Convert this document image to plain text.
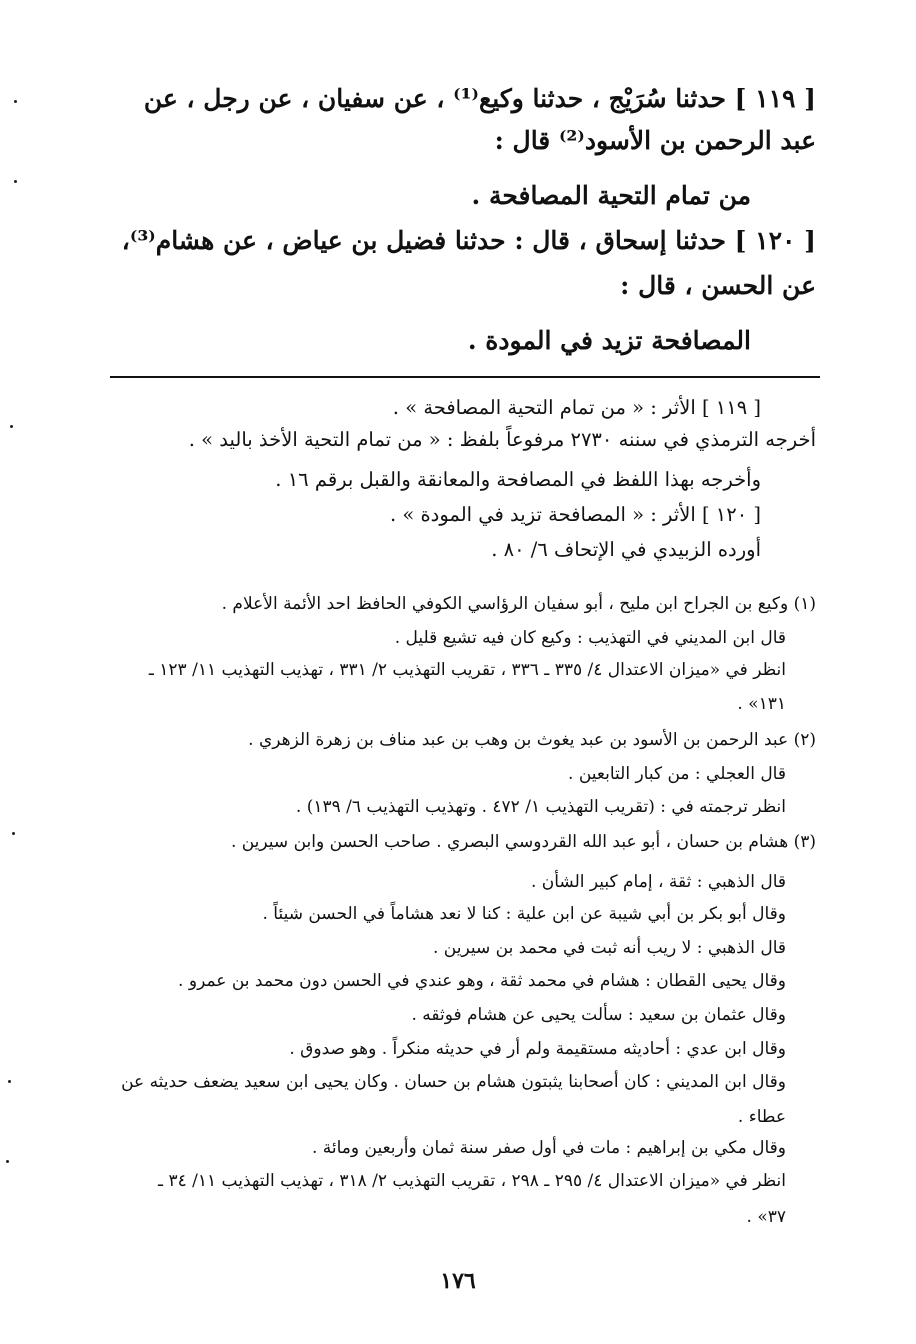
[ ١١٩ ] حدثنا سُرَيْج ، حدثنا وكيع⁽¹⁾ ، عن سفيان ، عن رجل ، عن
عبد الرحمن بن الأسود⁽²⁾ قال :
من تمام التحية المصافحة .
[ ١٢٠ ] حدثنا إسحاق ، قال : حدثنا فضيل بن عياض ، عن هشام⁽³⁾،
عن الحسن ، قال :
المصافحة تزيد في المودة .
[ ١١٩ ] الأثر : « من تمام التحية المصافحة » .
أخرجه الترمذي في سننه ٢٧٣٠ مرفوعاً بلفظ : « من تمام التحية الأخذ باليد » .
وأخرجه بهذا اللفظ في المصافحة والمعانقة والقبل برقم ١٦ .
[ ١٢٠ ] الأثر : « المصافحة تزيد في المودة » .
أورده الزبيدي في الإتحاف ٦/ ٨٠ .
(١) وكيع بن الجراح ابن مليح ، أبو سفيان الرؤاسي الكوفي الحافظ احد الأئمة الأعلام .
قال ابن المديني في التهذيب : وكيع كان فيه تشيع قليل .
انظر في «ميزان الاعتدال ٤/ ٣٣٥ ـ ٣٣٦ ، تقريب التهذيب ٢/ ٣٣١ ، تهذيب التهذيب ١١/ ١٢٣ ـ
١٣١» .
(٢) عبد الرحمن بن الأسود بن عبد يغوث بن وهب بن عبد مناف بن زهرة الزهري .
قال العجلي : من كبار التابعين .
انظر ترجمته في : (تقريب التهذيب ١/ ٤٧٢ . وتهذيب التهذيب ٦/ ١٣٩) .
(٣) هشام بن حسان ، أبو عبد الله القردوسي البصري . صاحب الحسن وابن سيرين .
قال الذهبي : ثقة ، إمام كبير الشأن .
وقال أبو بكر بن أبي شيبة عن ابن علية : كنا لا نعد هشاماً في الحسن شيئاً .
قال الذهبي : لا ريب أنه ثبت في محمد بن سيرين .
وقال يحيى القطان : هشام في محمد ثقة ، وهو عندي في الحسن دون محمد بن عمرو .
وقال عثمان بن سعيد : سألت يحيى عن هشام فوثقه .
وقال ابن عدي : أحاديثه مستقيمة ولم أر في حديثه منكراً . وهو صدوق .
وقال ابن المديني : كان أصحابنا يثبتون هشام بن حسان . وكان يحيى ابن سعيد يضعف حديثه عن
عطاء .
وقال مكي بن إبراهيم : مات في أول صفر سنة ثمان وأربعين ومائة .
انظر في «ميزان الاعتدال ٤/ ٢٩٥ ـ ٢٩٨ ، تقريب التهذيب ٢/ ٣١٨ ، تهذيب التهذيب ١١/ ٣٤ ـ
٣٧» .
١٧٦
